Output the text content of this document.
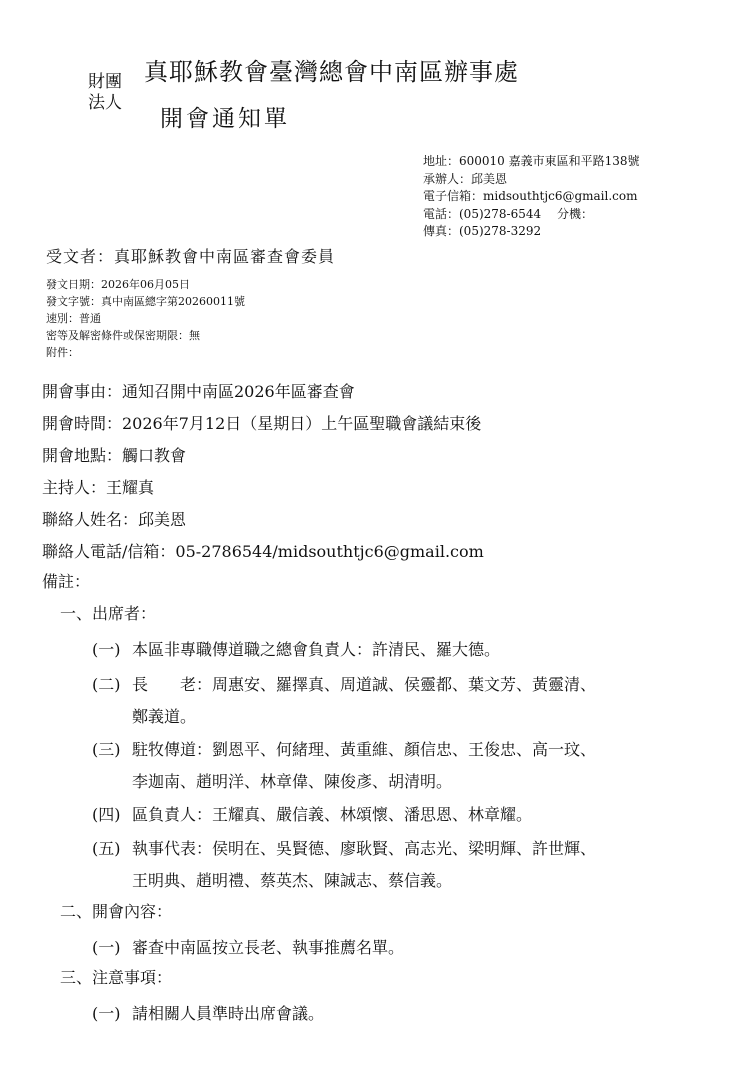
財團
法人
真耶穌教會臺灣總會中南區辦事處
開會通知單
地址：600010 嘉義市東區和平路138號
承辦人：邱美恩
電子信箱：midsouthtjc6@gmail.com
電話：(05)278-6544　 分機：
傳真：(05)278-3292
受文者：真耶穌教會中南區審查會委員
發文日期：2026年06月05日
發文字號：真中南區總字第20260011號
速別：普通
密等及解密條件或保密期限：無
附件：
開會事由：通知召開中南區2026年區審查會
開會時間：2026年7月12日（星期日）上午區聖職會議結束後
開會地點：觸口教會
主持人：王耀真
聯絡人姓名：邱美恩
聯絡人電話/信箱：05-2786544/midsouthtjc6@gmail.com
備註：
一、出席者：
(一) 本區非專職傳道職之總會負責人：許清民、羅大德。
(二) 長　　老：周惠安、羅擇真、周道誠、侯靈都、葉文芳、黃靈清、
鄭義道。
(三) 駐牧傳道：劉恩平、何緒理、黃重維、顏信忠、王俊忠、高一玟、
李迦南、趙明洋、林章偉、陳俊彥、胡清明。
(四) 區負責人：王耀真、嚴信義、林頌懷、潘思恩、林章耀。
(五) 執事代表：侯明在、吳賢德、廖耿賢、高志光、梁明輝、許世輝、
王明典、趙明禮、蔡英杰、陳誠志、蔡信義。
二、開會內容：
(一) 審查中南區按立長老、執事推薦名單。
三、注意事項：
(一) 請相關人員準時出席會議。
